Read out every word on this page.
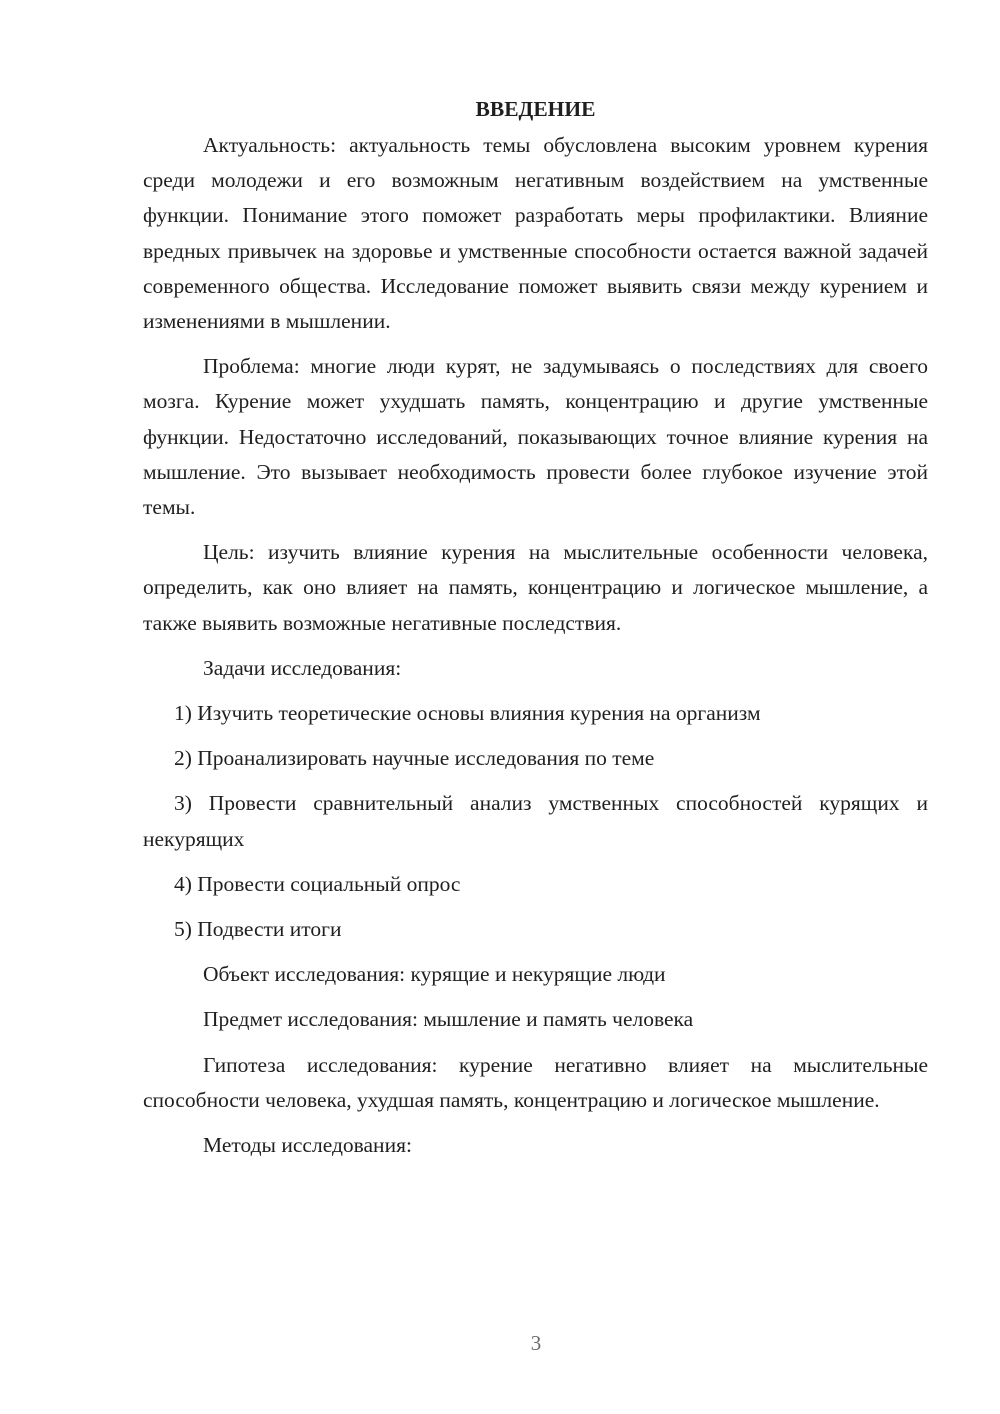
ВВЕДЕНИЕ

Актуальность: актуальность темы обусловлена высоким уровнем курения среди молодежи и его возможным негативным воздействием на умственные функции. Понимание этого поможет разработать меры профилактики. Влияние вредных привычек на здоровье и умственные способности остается важной задачей современного общества. Исследование поможет выявить связи между курением и изменениями в мышлении.

Проблема: многие люди курят, не задумываясь о последствиях для своего мозга. Курение может ухудшать память, концентрацию и другие умственные функции. Недостаточно исследований, показывающих точное влияние курения на мышление. Это вызывает необходимость провести более глубокое изучение этой темы.

Цель: изучить влияние курения на мыслительные особенности человека, определить, как оно влияет на память, концентрацию и логическое мышление, а также выявить возможные негативные последствия.

Задачи исследования:

1) Изучить теоретические основы влияния курения на организм

2) Проанализировать научные исследования по теме

3) Провести сравнительный анализ умственных способностей курящих и некурящих

4) Провести социальный опрос

5) Подвести итоги

Объект исследования: курящие и некурящие люди

Предмет исследования: мышление и память человека

Гипотеза исследования: курение негативно влияет на мыслительные способности человека, ухудшая память, концентрацию и логическое мышление.

Методы исследования:

3
